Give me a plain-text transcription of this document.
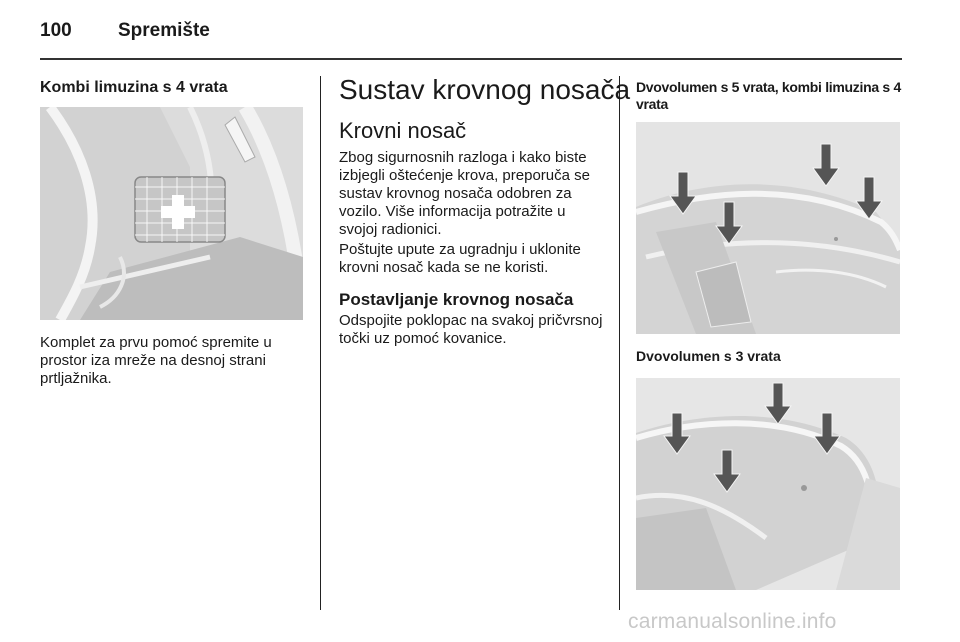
100 Spremište
Kombi limuzina s 4 vrata
Komplet za prvu pomoć spremite u prostor iza mreže na desnoj strani prtljažnika.
Sustav krovnog nosača
Krovni nosač
Zbog sigurnosnih razloga i kako biste izbjegli oštećenje krova, preporuča se sustav krovnog nosača odobren za vozilo. Više informacija potražite u svojoj radionici.
Poštujte upute za ugradnju i uklonite krovni nosač kada se ne koristi.
Postavljanje krovnog nosača
Odspojite poklopac na svakoj pričvrsnoj točki uz pomoć kovanice.
Dvovolumen s 5 vrata, kombi limuzina s 4 vrata
Dvovolumen s 3 vrata
carmanualsonline.info
